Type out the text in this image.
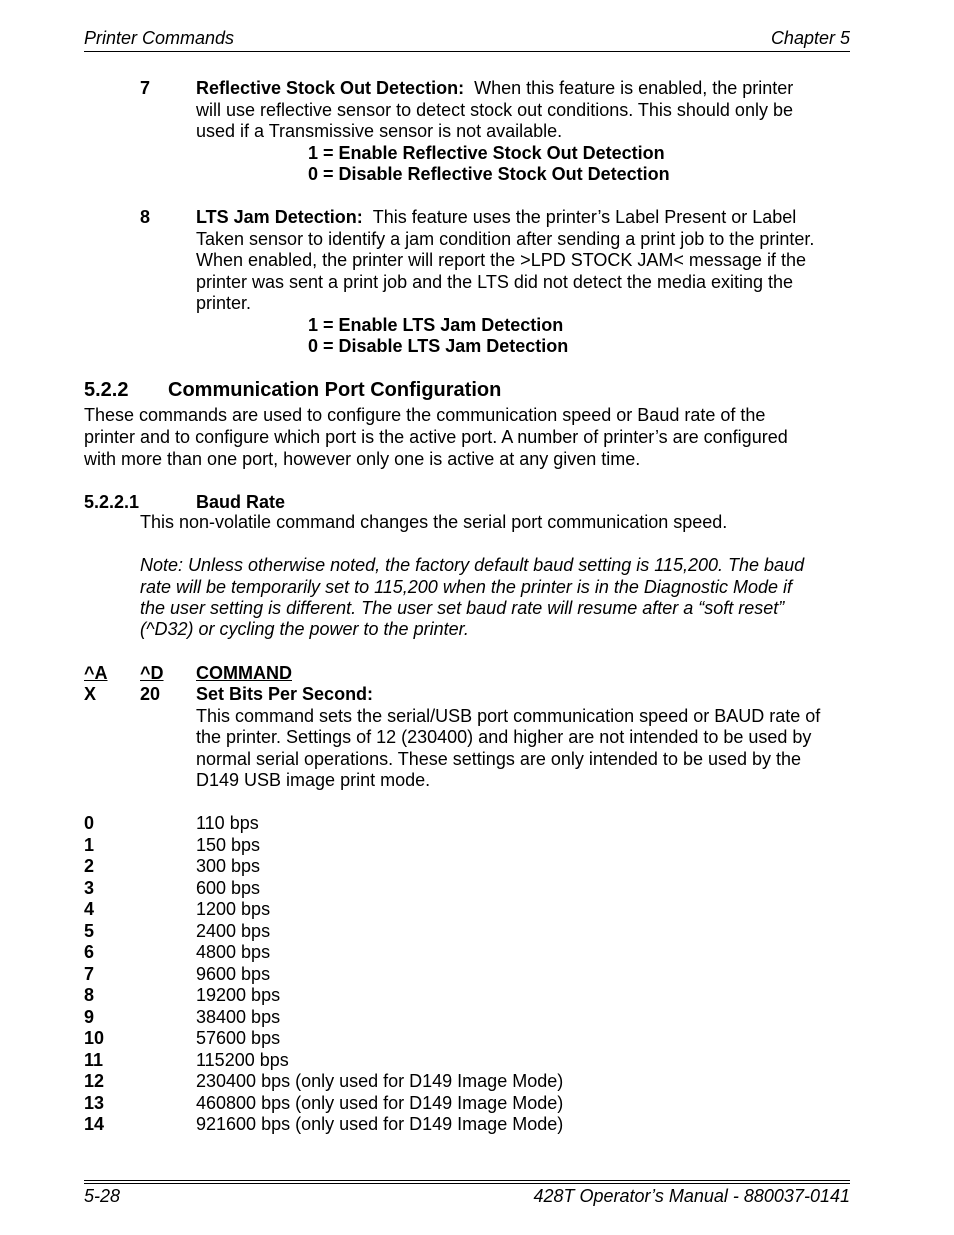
Printer Commands	Chapter 5
7	Reflective Stock Out Detection: When this feature is enabled, the printer
will use reflective sensor to detect stock out conditions. This should only be
used if a Transmissive sensor is not available.
1 = Enable Reflective Stock Out Detection
0 = Disable Reflective Stock Out Detection
8	LTS Jam Detection: This feature uses the printer’s Label Present or Label
Taken sensor to identify a jam condition after sending a print job to the printer.
When enabled, the printer will report the >LPD STOCK JAM< message if the
printer was sent a print job and the LTS did not detect the media exiting the
printer.
1 = Enable LTS Jam Detection
0 = Disable LTS Jam Detection
5.2.2 Communication Port Configuration
These commands are used to configure the communication speed or Baud rate of the
printer and to configure which port is the active port. A number of printer’s are configured
with more than one port, however only one is active at any given time.
5.2.2.1	Baud Rate
This non-volatile command changes the serial port communication speed.
Note: Unless otherwise noted, the factory default baud setting is 115,200. The baud
rate will be temporarily set to 115,200 when the printer is in the Diagnostic Mode if
the user setting is different. The user set baud rate will resume after a “soft reset”
(^D32) or cycling the power to the printer.
^A ^D COMMAND
X 20 Set Bits Per Second:
This command sets the serial/USB port communication speed or BAUD rate of
the printer. Settings of 12 (230400) and higher are not intended to be used by
normal serial operations. These settings are only intended to be used by the
D149 USB image print mode.
0	110 bps
1	150 bps
2	300 bps
3	600 bps
4	1200 bps
5	2400 bps
6	4800 bps
7	9600 bps
8	19200 bps
9	38400 bps
10	57600 bps
11	115200 bps
12	230400 bps (only used for D149 Image Mode)
13	460800 bps (only used for D149 Image Mode)
14	921600 bps (only used for D149 Image Mode)
5-28	428T Operator’s Manual - 880037-0141
